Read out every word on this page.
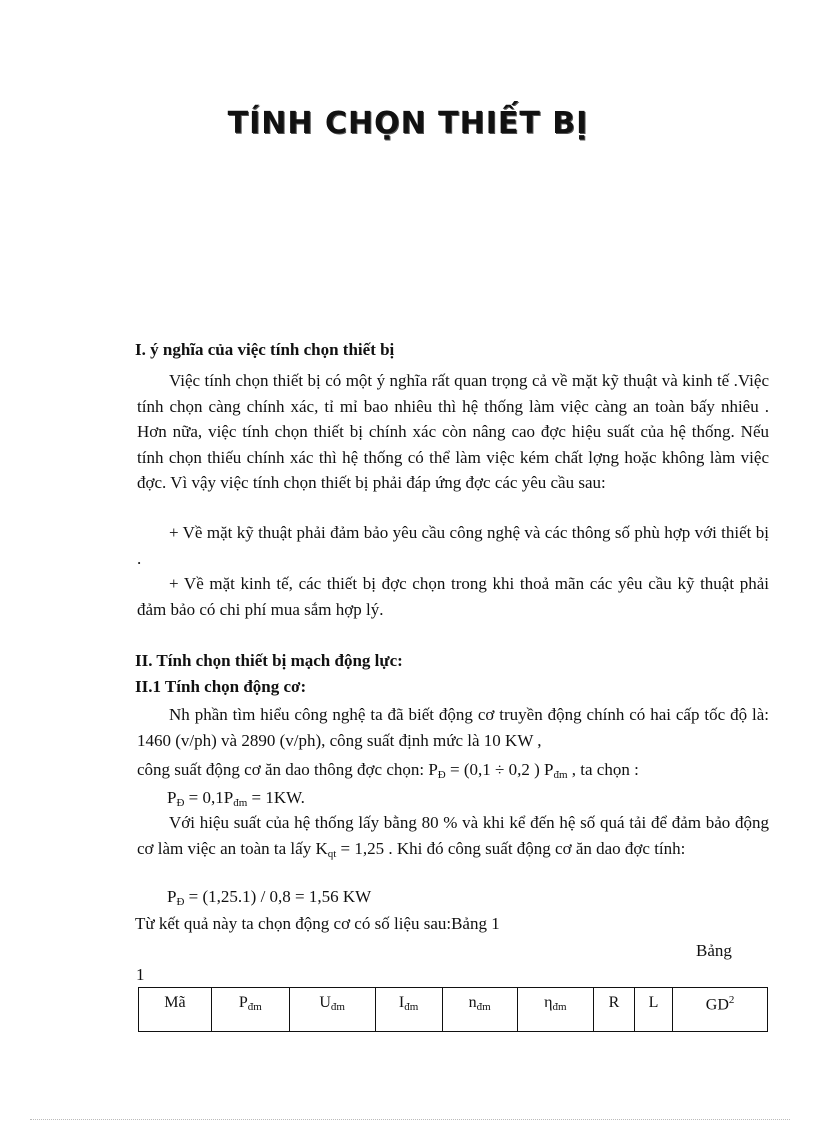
TÍNH CHỌN THIẾT BỊ
I. ý nghĩa của việc tính chọn thiết bị

Việc tính chọn thiết bị có một ý nghĩa rất quan trọng cả về mặt kỹ thuật và kinh tế .Việc tính chọn càng chính xác, tỉ mỉ bao nhiêu thì hệ thống làm việc càng an toàn bấy nhiêu . Hơn nữa, việc tính chọn thiết bị chính xác còn nâng cao đợc hiệu suất của hệ thống. Nếu tính chọn thiếu chính xác thì hệ thống có thể làm việc kém chất lợng hoặc không làm việc đợc. Vì vậy việc tính chọn thiết bị phải đáp ứng đợc các yêu cầu sau:

+ Về mặt kỹ thuật phải đảm bảo yêu cầu công nghệ và các thông số phù hợp với thiết bị .

+ Về mặt kinh tế, các thiết bị đợc chọn trong khi thoả mãn các yêu cầu kỹ thuật phải đảm bảo có chi phí mua sắm hợp lý.

II. Tính chọn thiết bị mạch động lực:
II.1 Tính chọn động cơ:

Nh phần tìm hiểu công nghệ ta đã biết động cơ truyền động chính có hai cấp tốc độ là: 1460 (v/ph) và 2890 (v/ph), công suất định mức là 10 KW ,

công suất động cơ ăn dao thông đợc chọn: $P_Đ = (0,1 \div 0,2$ ) $P_{đm}$ , ta chọn :
$P_Đ = 0,1P_{đm} = 1KW$.

Với hiệu suất của hệ thống lấy bằng 80 % và khi kể đến hệ số quá tải để đảm bảo động cơ làm việc an toàn ta lấy $K_{qt} = 1,25$ . Khi đó công suất động cơ ăn dao đợc tính:

$P_Đ = (1,25.1) / 0,8 = 1,56$ KW
Từ kết quả này ta chọn động cơ có số liệu sau:Bảng 1
Bảng
1
Mã	$P_{đm}$	$U_{đm}$	$I_{đm}$	$n_{đm}$	$\eta_{đm}$	R	L	$GD^2$
